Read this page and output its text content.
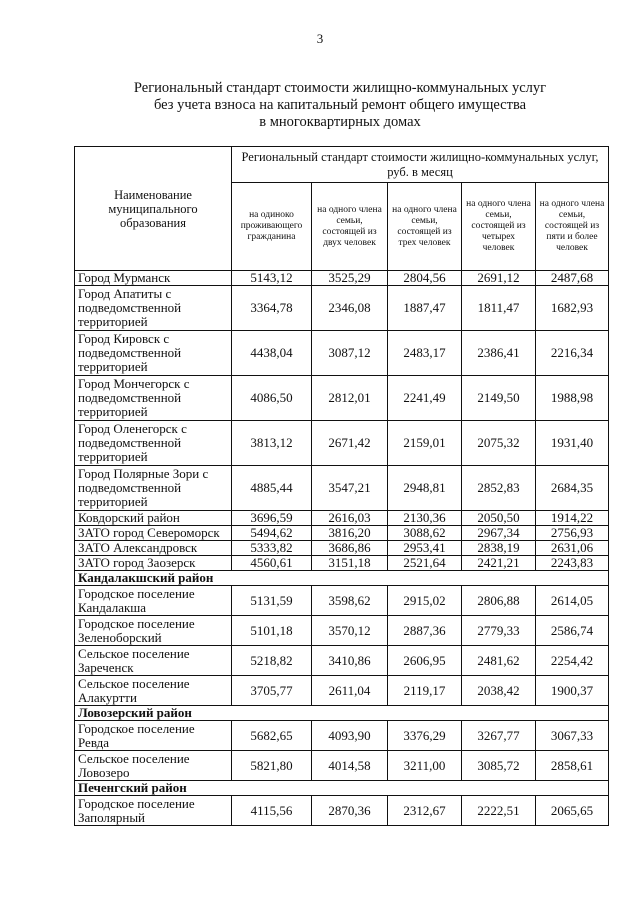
3
Региональный стандарт стоимости жилищно-коммунальных услуг
без учета взноса на капитальный ремонт общего имущества
в многоквартирных домах
Наименование муниципального образования	Региональный стандарт стоимости жилищно-коммунальных услуг, руб. в месяц				
	на одиноко проживающего гражданина	на одного члена семьи, состоящей из двух человек	на одного члена семьи, состоящей из трех человек	на одного члена семьи, состоящей из четырех человек	на одного члена семьи, состоящей из пяти и более человек
Город Мурманск	5143,12	3525,29	2804,56	2691,12	2487,68
Город Апатиты с подведомственной территорией	3364,78	2346,08	1887,47	1811,47	1682,93
Город Кировск с подведомственной территорией	4438,04	3087,12	2483,17	2386,41	2216,34
Город Мончегорск с подведомственной территорией	4086,50	2812,01	2241,49	2149,50	1988,98
Город Оленегорск с подведомственной территорией	3813,12	2671,42	2159,01	2075,32	1931,40
Город Полярные Зори с подведомственной территорией	4885,44	3547,21	2948,81	2852,83	2684,35
Ковдорский район	3696,59	2616,03	2130,36	2050,50	1914,22
ЗАТО город Североморск	5494,62	3816,20	3088,62	2967,34	2756,93
ЗАТО Александровск	5333,82	3686,86	2953,41	2838,19	2631,06
ЗАТО город Заозерск	4560,61	3151,18	2521,64	2421,21	2243,83
Кандалакшский район					
Городское поселение Кандалакша	5131,59	3598,62	2915,02	2806,88	2614,05
Городское поселение Зеленоборский	5101,18	3570,12	2887,36	2779,33	2586,74
Сельское поселение Зареченск	5218,82	3410,86	2606,95	2481,62	2254,42
Сельское поселение Алакуртти	3705,77	2611,04	2119,17	2038,42	1900,37
Ловозерский район					
Городское поселение Ревда	5682,65	4093,90	3376,29	3267,77	3067,33
Сельское поселение Ловозеро	5821,80	4014,58	3211,00	3085,72	2858,61
Печенгский район					
Городское поселение Заполярный	4115,56	2870,36	2312,67	2222,51	2065,65
